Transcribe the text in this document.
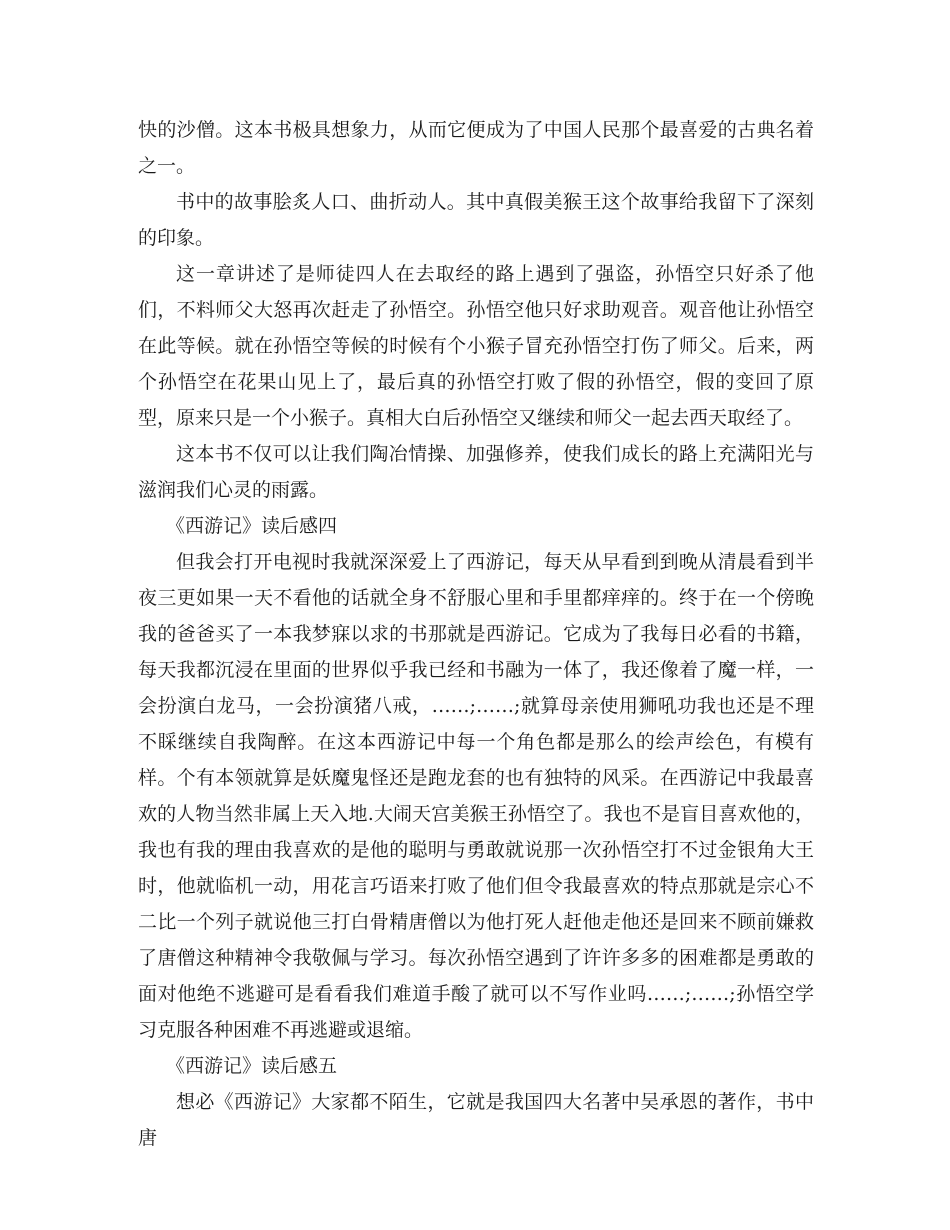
快的沙僧。这本书极具想象力，从而它便成为了中国人民那个最喜爱的古典名着之一。

书中的故事脍炙人口、曲折动人。其中真假美猴王这个故事给我留下了深刻的印象。

这一章讲述了是师徒四人在去取经的路上遇到了强盗，孙悟空只好杀了他们，不料师父大怒再次赶走了孙悟空。孙悟空他只好求助观音。观音他让孙悟空在此等候。就在孙悟空等候的时候有个小猴子冒充孙悟空打伤了师父。后来，两个孙悟空在花果山见上了，最后真的孙悟空打败了假的孙悟空，假的变回了原型，原来只是一个小猴子。真相大白后孙悟空又继续和师父一起去西天取经了。

这本书不仅可以让我们陶冶情操、加强修养，使我们成长的路上充满阳光与滋润我们心灵的雨露。

《西游记》读后感四

但我会打开电视时我就深深爱上了西游记，每天从早看到到晚从清晨看到半夜三更如果一天不看他的话就全身不舒服心里和手里都痒痒的。终于在一个傍晚我的爸爸买了一本我梦寐以求的书那就是西游记。它成为了我每日必看的书籍，每天我都沉浸在里面的世界似乎我已经和书融为一体了，我还像着了魔一样，一会扮演白龙马，一会扮演猪八戒，……;……;就算母亲使用狮吼功我也还是不理不睬继续自我陶醉。在这本西游记中每一个角色都是那么的绘声绘色，有模有样。个有本领就算是妖魔鬼怪还是跑龙套的也有独特的风采。在西游记中我最喜欢的人物当然非属上天入地.大闹天宫美猴王孙悟空了。我也不是盲目喜欢他的，我也有我的理由我喜欢的是他的聪明与勇敢就说那一次孙悟空打不过金银角大王时，他就临机一动，用花言巧语来打败了他们但令我最喜欢的特点那就是宗心不二比一个列子就说他三打白骨精唐僧以为他打死人赶他走他还是回来不顾前嫌救了唐僧这种精神令我敬佩与学习。每次孙悟空遇到了许许多多的困难都是勇敢的面对他绝不逃避可是看看我们难道手酸了就可以不写作业吗……;……;孙悟空学习克服各种困难不再逃避或退缩。

《西游记》读后感五

想必《西游记》大家都不陌生，它就是我国四大名著中吴承恩的著作，书中唐
